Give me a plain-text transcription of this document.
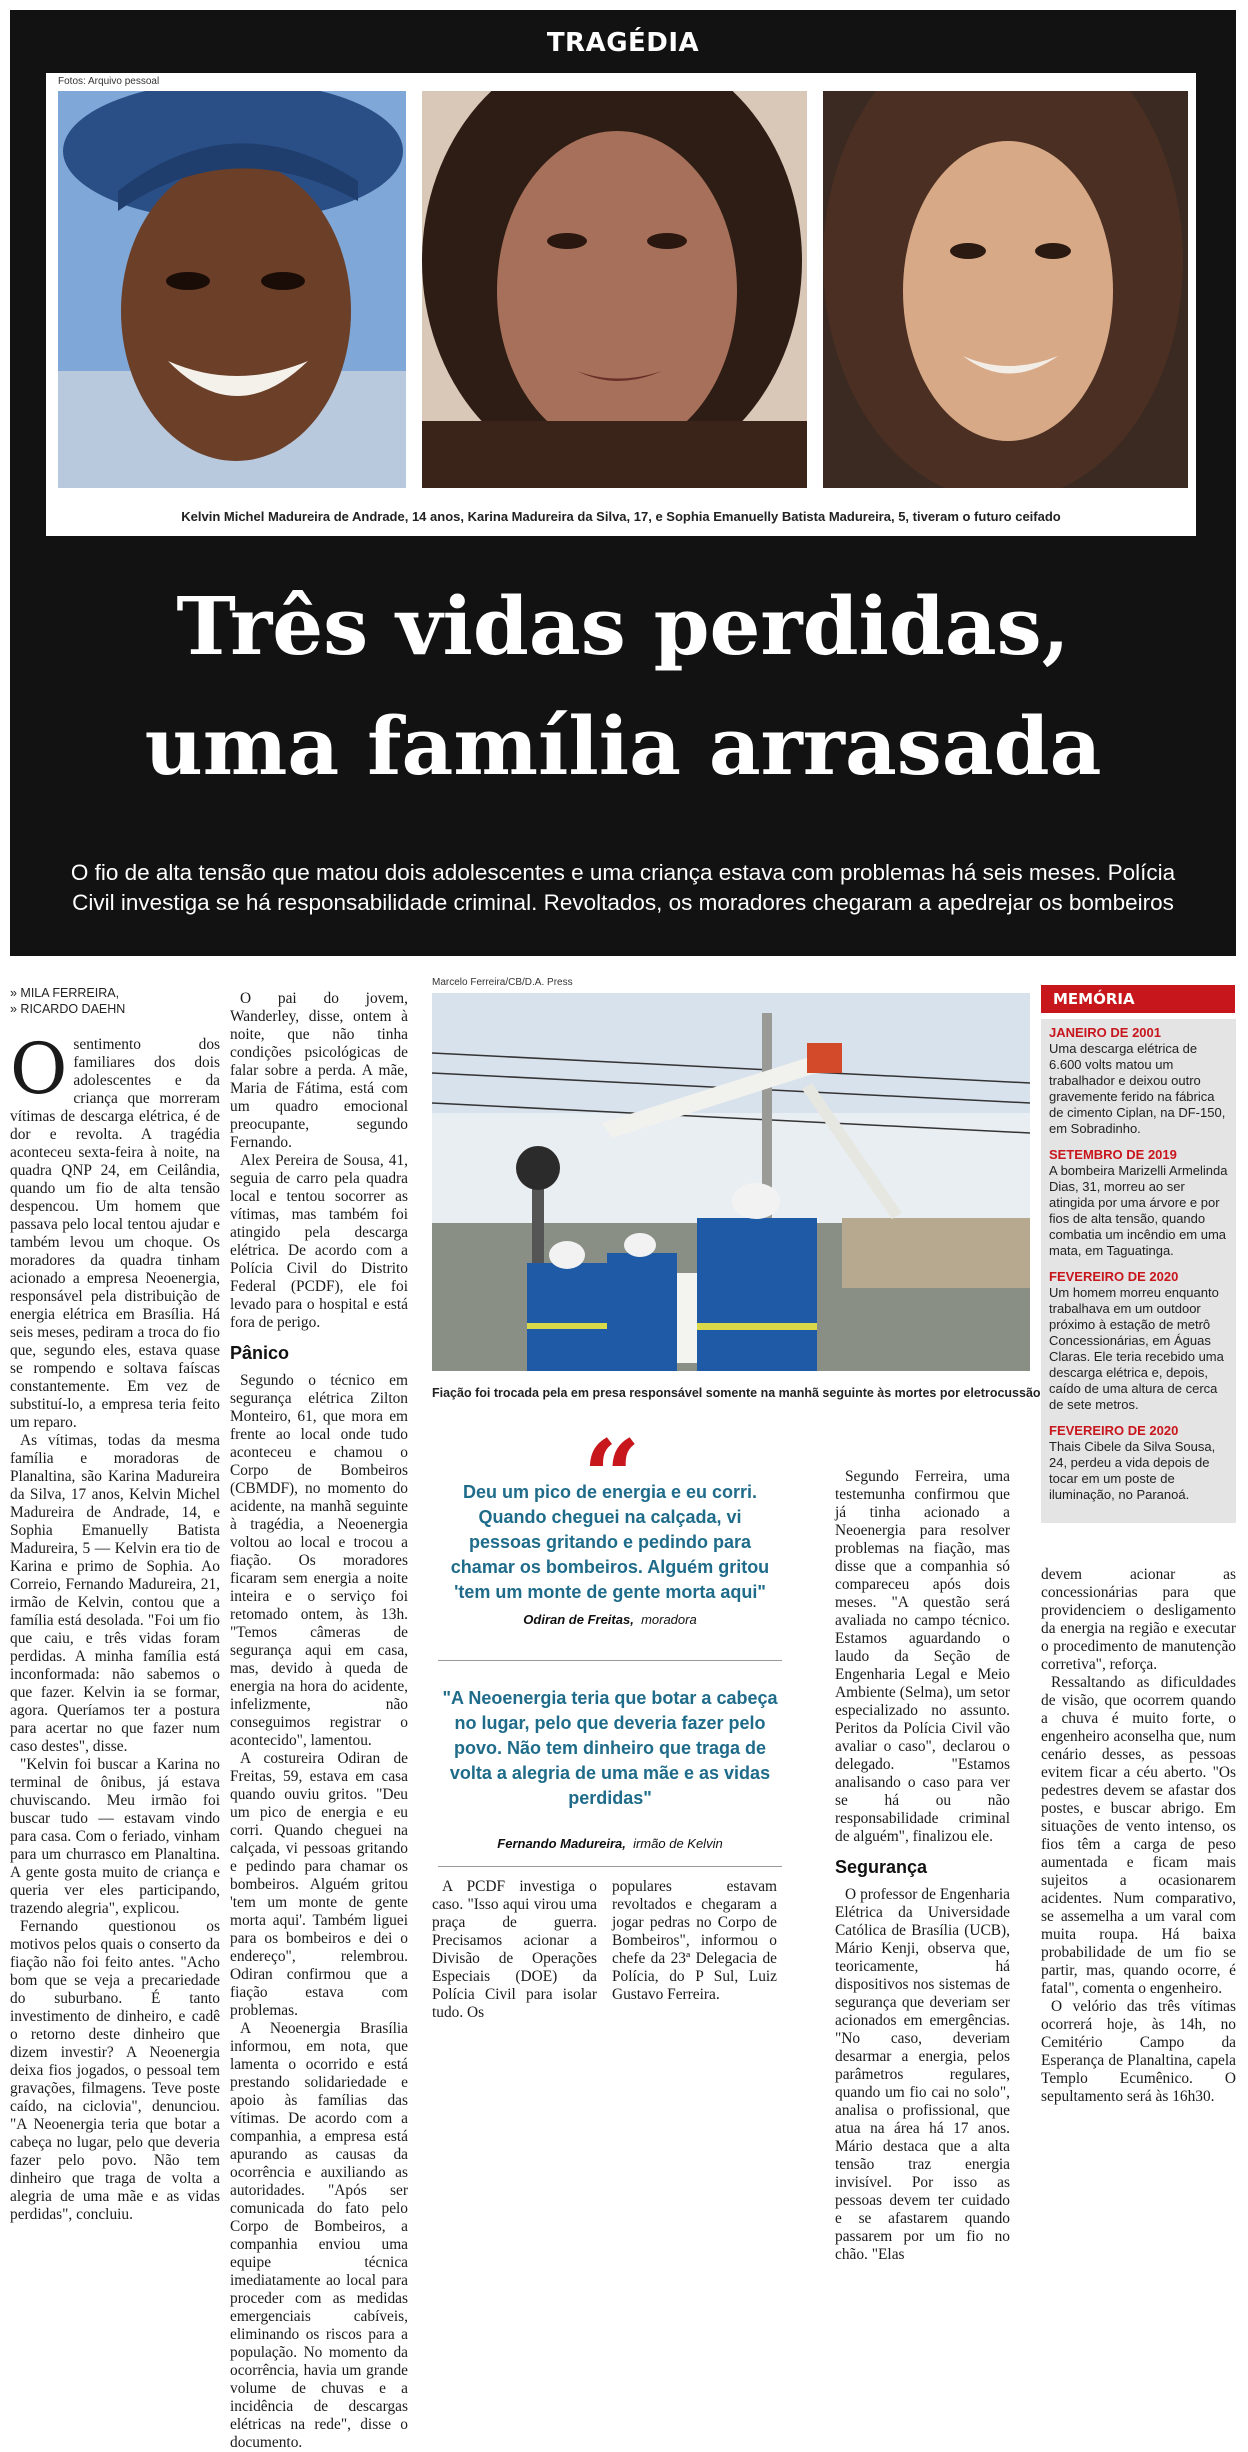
TRAGÉDIA
Fotos: Arquivo pessoal
Kelvin Michel Madureira de Andrade, 14 anos, Karina Madureira da Silva, 17, e Sophia Emanuelly Batista Madureira, 5, tiveram o futuro ceifado
Três vidas perdidas,
uma família arrasada
O fio de alta tensão que matou dois adolescentes e uma criança estava com problemas há seis meses. Polícia Civil investiga se há responsabilidade criminal. Revoltados, os moradores chegaram a apedrejar os bombeiros
» MILA FERREIRA,
» RICARDO DAEHN

Osentimento dos familiares dos dois adolescentes e da criança que morreram vítimas de descarga elétrica, é de dor e revolta. A tragédia aconteceu sexta-feira à noite, na quadra QNP 24, em Ceilândia, quando um fio de alta tensão despencou. Um homem que passava pelo local tentou ajudar e também levou um choque. Os moradores da quadra tinham acionado a empresa Neoenergia, responsável pela distribuição de energia elétrica em Brasília. Há seis meses, pediram a troca do fio que, segundo eles, estava quase se rompendo e soltava faíscas constantemente. Em vez de substituí-lo, a empresa teria feito um reparo.

As vítimas, todas da mesma família e moradoras de Planaltina, são Karina Madureira da Silva, 17 anos, Kelvin Michel Madureira de Andrade, 14, e Sophia Emanuelly Batista Madureira, 5 — Kelvin era tio de Karina e primo de Sophia. Ao Correio, Fernando Madureira, 21, irmão de Kelvin, contou que a família está desolada. "Foi um fio que caiu, e três vidas foram perdidas. A minha família está inconformada: não sabemos o que fazer. Kelvin ia se formar, agora. Queríamos ter a postura para acertar no que fazer num caso destes", disse.

"Kelvin foi buscar a Karina no terminal de ônibus, já estava chuviscando. Meu irmão foi buscar tudo — estavam vindo para casa. Com o feriado, vinham para um churrasco em Planaltina. A gente gosta muito de criança e queria ver eles participando, trazendo alegria", explicou.

Fernando questionou os motivos pelos quais o conserto da fiação não foi feito antes. "Acho bom que se veja a precariedade do suburbano. É tanto investimento de dinheiro, e cadê o retorno deste dinheiro que dizem investir? A Neoenergia deixa fios jogados, o pessoal tem gravações, filmagens. Teve poste caído, na ciclovia", denunciou. "A Neoenergia teria que botar a cabeça no lugar, pelo que deveria fazer pelo povo. Não tem dinheiro que traga de volta a alegria de uma mãe e as vidas perdidas", concluiu.

O pai do jovem, Wanderley, disse, ontem à noite, que não tinha condições psicológicas de falar sobre a perda. A mãe, Maria de Fátima, está com um quadro emocional preocupante, segundo Fernando.

Alex Pereira de Sousa, 41, seguia de carro pela quadra local e tentou socorrer as vítimas, mas também foi atingido pela descarga elétrica. De acordo com a Polícia Civil do Distrito Federal (PCDF), ele foi levado para o hospital e está fora de perigo.

Pânico

Segundo o técnico em segurança elétrica Zilton Monteiro, 61, que mora em frente ao local onde tudo aconteceu e chamou o Corpo de Bombeiros (CBMDF), no momento do acidente, na manhã seguinte à tragédia, a Neoenergia voltou ao local e trocou a fiação. Os moradores ficaram sem energia a noite inteira e o serviço foi retomado ontem, às 13h. "Temos câmeras de segurança aqui em casa, mas, devido à queda de energia na hora do acidente, infelizmente, não conseguimos registrar o acontecido", lamentou.

A costureira Odiran de Freitas, 59, estava em casa quando ouviu gritos. "Deu um pico de energia e eu corri. Quando cheguei na calçada, vi pessoas gritando e pedindo para chamar os bombeiros. Alguém gritou 'tem um monte de gente morta aqui'. Também liguei para os bombeiros e dei o endereço", relembrou. Odiran confirmou que a fiação estava com problemas.

A Neoenergia Brasília informou, em nota, que lamenta o ocorrido e está prestando solidariedade e apoio às famílias das vítimas. De acordo com a companhia, a empresa está apurando as causas da ocorrência e auxiliando as autoridades. "Após ser comunicada do fato pelo Corpo de Bombeiros, a companhia enviou uma equipe técnica imediatamente ao local para proceder com as medidas emergenciais cabíveis, eliminando os riscos para a população. No momento da ocorrência, havia um grande volume de chuvas e a incidência de descargas elétricas na rede", disse o documento.

Marcelo Ferreira/CB/D.A. Press
Fiação foi trocada pela em presa responsável somente na manhã seguinte às mortes por eletrocussão
“
Deu um pico de energia e eu corri. Quando cheguei na calçada, vi pessoas gritando e pedindo para chamar os bombeiros. Alguém gritou 'tem um monte de gente morta aqui"
Odiran de Freitas, moradora
"A Neoenergia teria que botar a cabeça no lugar, pelo que deveria fazer pelo povo. Não tem dinheiro que traga de volta a alegria de uma mãe e as vidas perdidas"
Fernando Madureira, irmão de Kelvin

A PCDF investiga o caso. "Isso aqui virou uma praça de guerra. Precisamos acionar a Divisão de Operações Especiais (DOE) da Polícia Civil para isolar tudo. Os

populares estavam revoltados e chegaram a jogar pedras no Corpo de Bombeiros", informou o chefe da 23ª Delegacia de Polícia, do P Sul, Luiz Gustavo Ferreira.

Segundo Ferreira, uma testemunha confirmou que já tinha acionado a Neoenergia para resolver problemas na fiação, mas disse que a companhia só compareceu após dois meses. "A questão será avaliada no campo técnico. Estamos aguardando o laudo da Seção de Engenharia Legal e Meio Ambiente (Selma), um setor especializado no assunto. Peritos da Polícia Civil vão avaliar o caso", declarou o delegado. "Estamos analisando o caso para ver se há ou não responsabilidade criminal de alguém", finalizou ele.

Segurança

O professor de Engenharia Elétrica da Universidade Católica de Brasília (UCB), Mário Kenji, observa que, teoricamente, há dispositivos nos sistemas de segurança que deveriam ser acionados em emergências. "No caso, deveriam desarmar a energia, pelos parâmetros regulares, quando um fio cai no solo", analisa o profissional, que atua na área há 17 anos. Mário destaca que a alta tensão traz energia invisível. Por isso as pessoas devem ter cuidado e se afastarem quando passarem por um fio no chão. "Elas

MEMÓRIA
JANEIRO DE 2001
Uma descarga elétrica de 6.600 volts matou um trabalhador e deixou outro gravemente ferido na fábrica de cimento Ciplan, na DF-150, em Sobradinho.
SETEMBRO DE 2019
A bombeira Marizelli Armelinda Dias, 31, morreu ao ser atingida por uma árvore e por fios de alta tensão, quando combatia um incêndio em uma mata, em Taguatinga.
FEVEREIRO DE 2020
Um homem morreu enquanto trabalhava em um outdoor próximo à estação de metrô Concessionárias, em Águas Claras. Ele teria recebido uma descarga elétrica e, depois, caído de uma altura de cerca de sete metros.
FEVEREIRO DE 2020
Thais Cibele da Silva Sousa, 24, perdeu a vida depois de tocar em um poste de iluminação, no Paranoá.

devem acionar as concessionárias para que providenciem o desligamento da energia na região e executar o procedimento de manutenção corretiva", reforça.

Ressaltando as dificuldades de visão, que ocorrem quando a chuva é muito forte, o engenheiro aconselha que, num cenário desses, as pessoas evitem ficar a céu aberto. "Os pedestres devem se afastar dos postes, e buscar abrigo. Em situações de vento intenso, os fios têm a carga de peso aumentada e ficam mais sujeitos a ocasionarem acidentes. Num comparativo, se assemelha a um varal com muita roupa. Há baixa probabilidade de um fio se partir, mas, quando ocorre, é fatal", comenta o engenheiro.

O velório das três vítimas ocorrerá hoje, às 14h, no Cemitério Campo da Esperança de Planaltina, capela Templo Ecumênico. O sepultamento será às 16h30.
